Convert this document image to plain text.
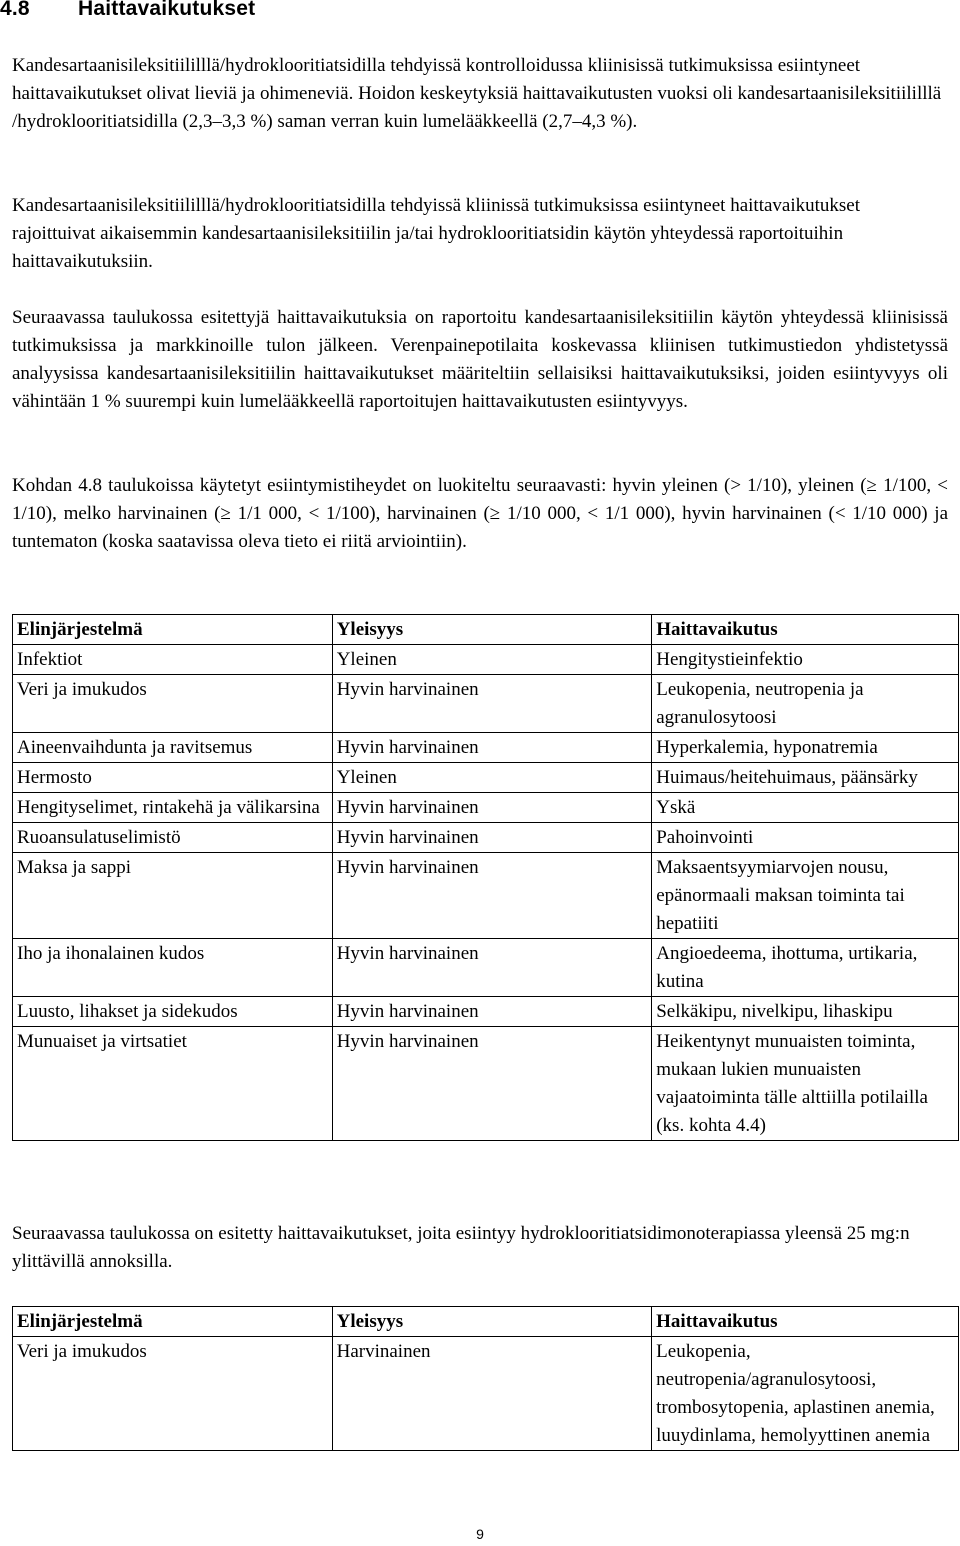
4.8 Haittavaikutukset

Kandesartaanisileksitiililllä/hydroklooritiatsidilla tehdyissä kontrolloidussa kliinisissä tutkimuksissa esiintyneet haittavaikutukset olivat lieviä ja ohimeneviä. Hoidon keskeytyksiä haittavaikutusten vuoksi oli kandesartaanisileksitiililllä /hydroklooritiatsidilla (2,3–3,3 %) saman verran kuin lumelääkkeellä (2,7–4,3 %).

Kandesartaanisileksitiililllä/hydroklooritiatsidilla tehdyissä kliinissä tutkimuksissa esiintyneet haittavaikutukset rajoittuivat aikaisemmin kandesartaanisileksitiilin ja/tai hydroklooritiatsidin käytön yhteydessä raportoituihin haittavaikutuksiin.

Seuraavassa taulukossa esitettyjä haittavaikutuksia on raportoitu kandesartaanisileksitiilin käytön yhteydessä kliinisissä tutkimuksissa ja markkinoille tulon jälkeen. Verenpainepotilaita koskevassa kliinisen tutkimustiedon yhdistetyssä analyysissa kandesartaanisileksitiilin haittavaikutukset määriteltiin sellaisiksi haittavaikutuksiksi, joiden esiintyvyys oli vähintään 1 % suurempi kuin lumelääkkeellä raportoitujen haittavaikutusten esiintyvyys.

Kohdan 4.8 taulukoissa käytetyt esiintymistiheydet on luokiteltu seuraavasti: hyvin yleinen (> 1/10), yleinen (≥ 1/100, < 1/10), melko harvinainen (≥ 1/1 000, < 1/100), harvinainen (≥ 1/10 000, < 1/1 000), hyvin harvinainen (< 1/10 000) ja tuntematon (koska saatavissa oleva tieto ei riitä arviointiin).

Elinjärjestelmä	Yleisyys	Haittavaikutus
Infektiot	Yleinen	Hengitystieinfektio
Veri ja imukudos	Hyvin harvinainen	Leukopenia, neutropenia ja agranulosytoosi
Aineenvaihdunta ja ravitsemus	Hyvin harvinainen	Hyperkalemia, hyponatremia
Hermosto	Yleinen	Huimaus/heitehuimaus, päänsärky
Hengityselimet, rintakehä ja välikarsina	Hyvin harvinainen	Yskä
Ruoansulatuselimistö	Hyvin harvinainen	Pahoinvointi
Maksa ja sappi	Hyvin harvinainen	Maksaentsyymiarvojen nousu, epänormaali maksan toiminta tai hepatiiti
Iho ja ihonalainen kudos	Hyvin harvinainen	Angioedeema, ihottuma, urtikaria, kutina
Luusto, lihakset ja sidekudos	Hyvin harvinainen	Selkäkipu, nivelkipu, lihaskipu
Munuaiset ja virtsatiet	Hyvin harvinainen	Heikentynyt munuaisten toiminta, mukaan lukien munuaisten vajaatoiminta tälle alttiilla potilailla (ks. kohta 4.4)

Seuraavassa taulukossa on esitetty haittavaikutukset, joita esiintyy hydroklooritiatsidimonoterapiassa yleensä 25 mg:n ylittävillä annoksilla.

Elinjärjestelmä	Yleisyys	Haittavaikutus
Veri ja imukudos	Harvinainen	Leukopenia, neutropenia/agranulosytoosi, trombosytopenia, aplastinen anemia, luuydinlama, hemolyyttinen anemia
9
